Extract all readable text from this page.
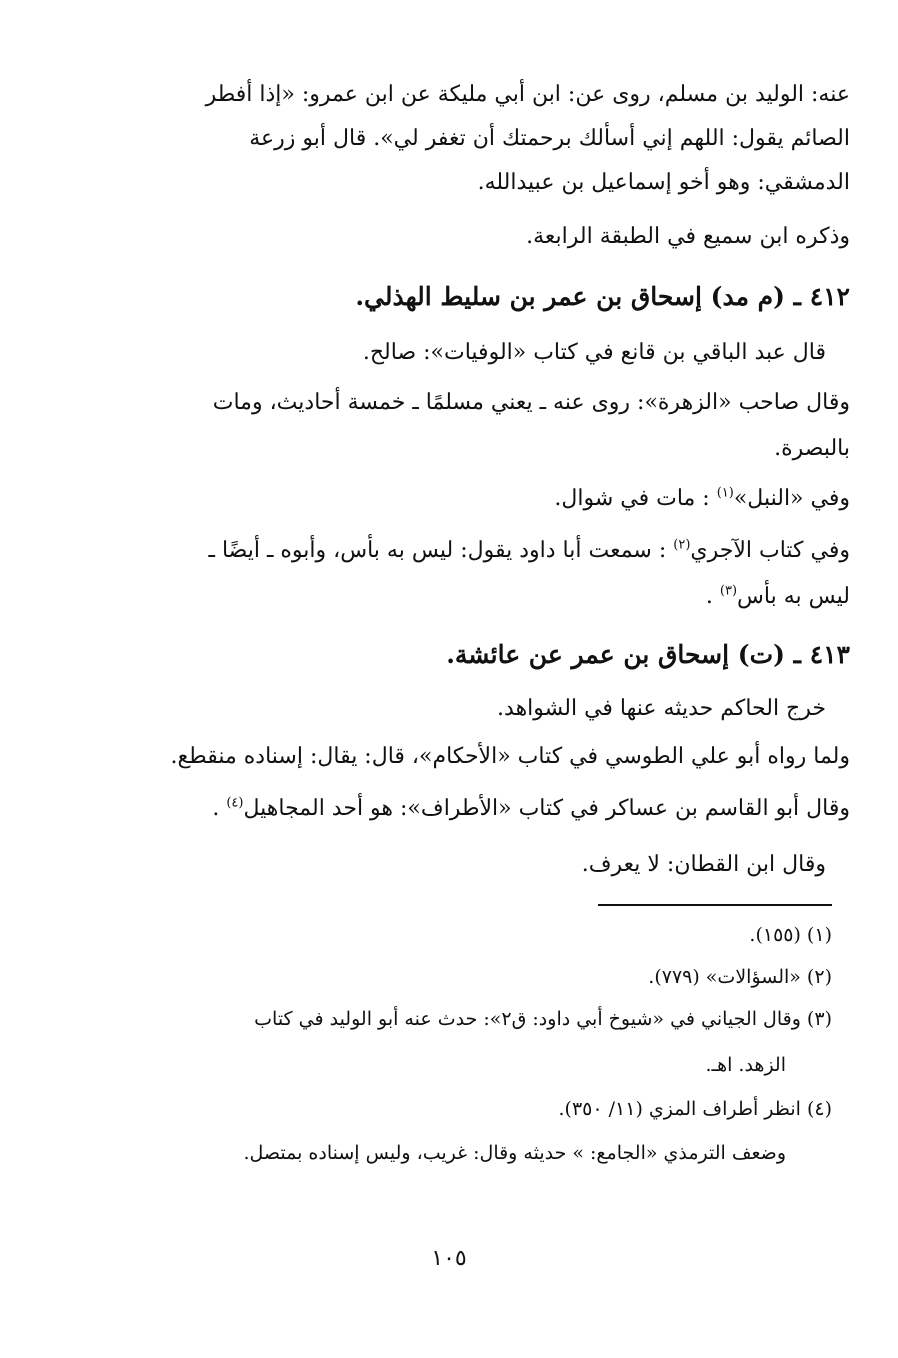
عنه: الوليد بن مسلم، روى عن: ابن أبي مليكة عن ابن عمرو: «إذا أفطر
الصائم يقول: اللهم إني أسألك برحمتك أن تغفر لي». قال أبو زرعة
الدمشقي: وهو أخو إسماعيل بن عبيدالله.
وذكره ابن سميع في الطبقة الرابعة.
٤١٢ ـ (م مد) إسحاق بن عمر بن سليط الهذلي.
قال عبد الباقي بن قانع في كتاب «الوفيات»: صالح.
وقال صاحب «الزهرة»: روى عنه ـ يعني مسلمًا ـ خمسة أحاديث، ومات
بالبصرة.
وفي «النبل»$^{(١)}$ : مات في شوال.
وفي كتاب الآجري$^{(٢)}$ : سمعت أبا داود يقول: ليس به بأس، وأبوه ـ أيضًا ـ
ليس به بأس$^{(٣)}$ .
٤١٣ ـ (ت) إسحاق بن عمر عن عائشة.
خرج الحاكم حديثه عنها في الشواهد.
ولما رواه أبو علي الطوسي في كتاب «الأحكام»، قال: يقال: إسناده منقطع.
وقال أبو القاسم بن عساكر في كتاب «الأطراف»: هو أحد المجاهيل$^{(٤)}$ .
وقال ابن القطان: لا يعرف.
(١) (١٥٥).
(٢) «السؤالات» (٧٧٩).
(٣) وقال الجياني في «شيوخ أبي داود: ق٢»: حدث عنه أبو الوليد في كتاب
الزهد. اهـ.
(٤) انظر أطراف المزي (١١/ ٣٥٠).
وضعف الترمذي «الجامع: » حديثه وقال: غريب، وليس إسناده بمتصل.
١٠٥
